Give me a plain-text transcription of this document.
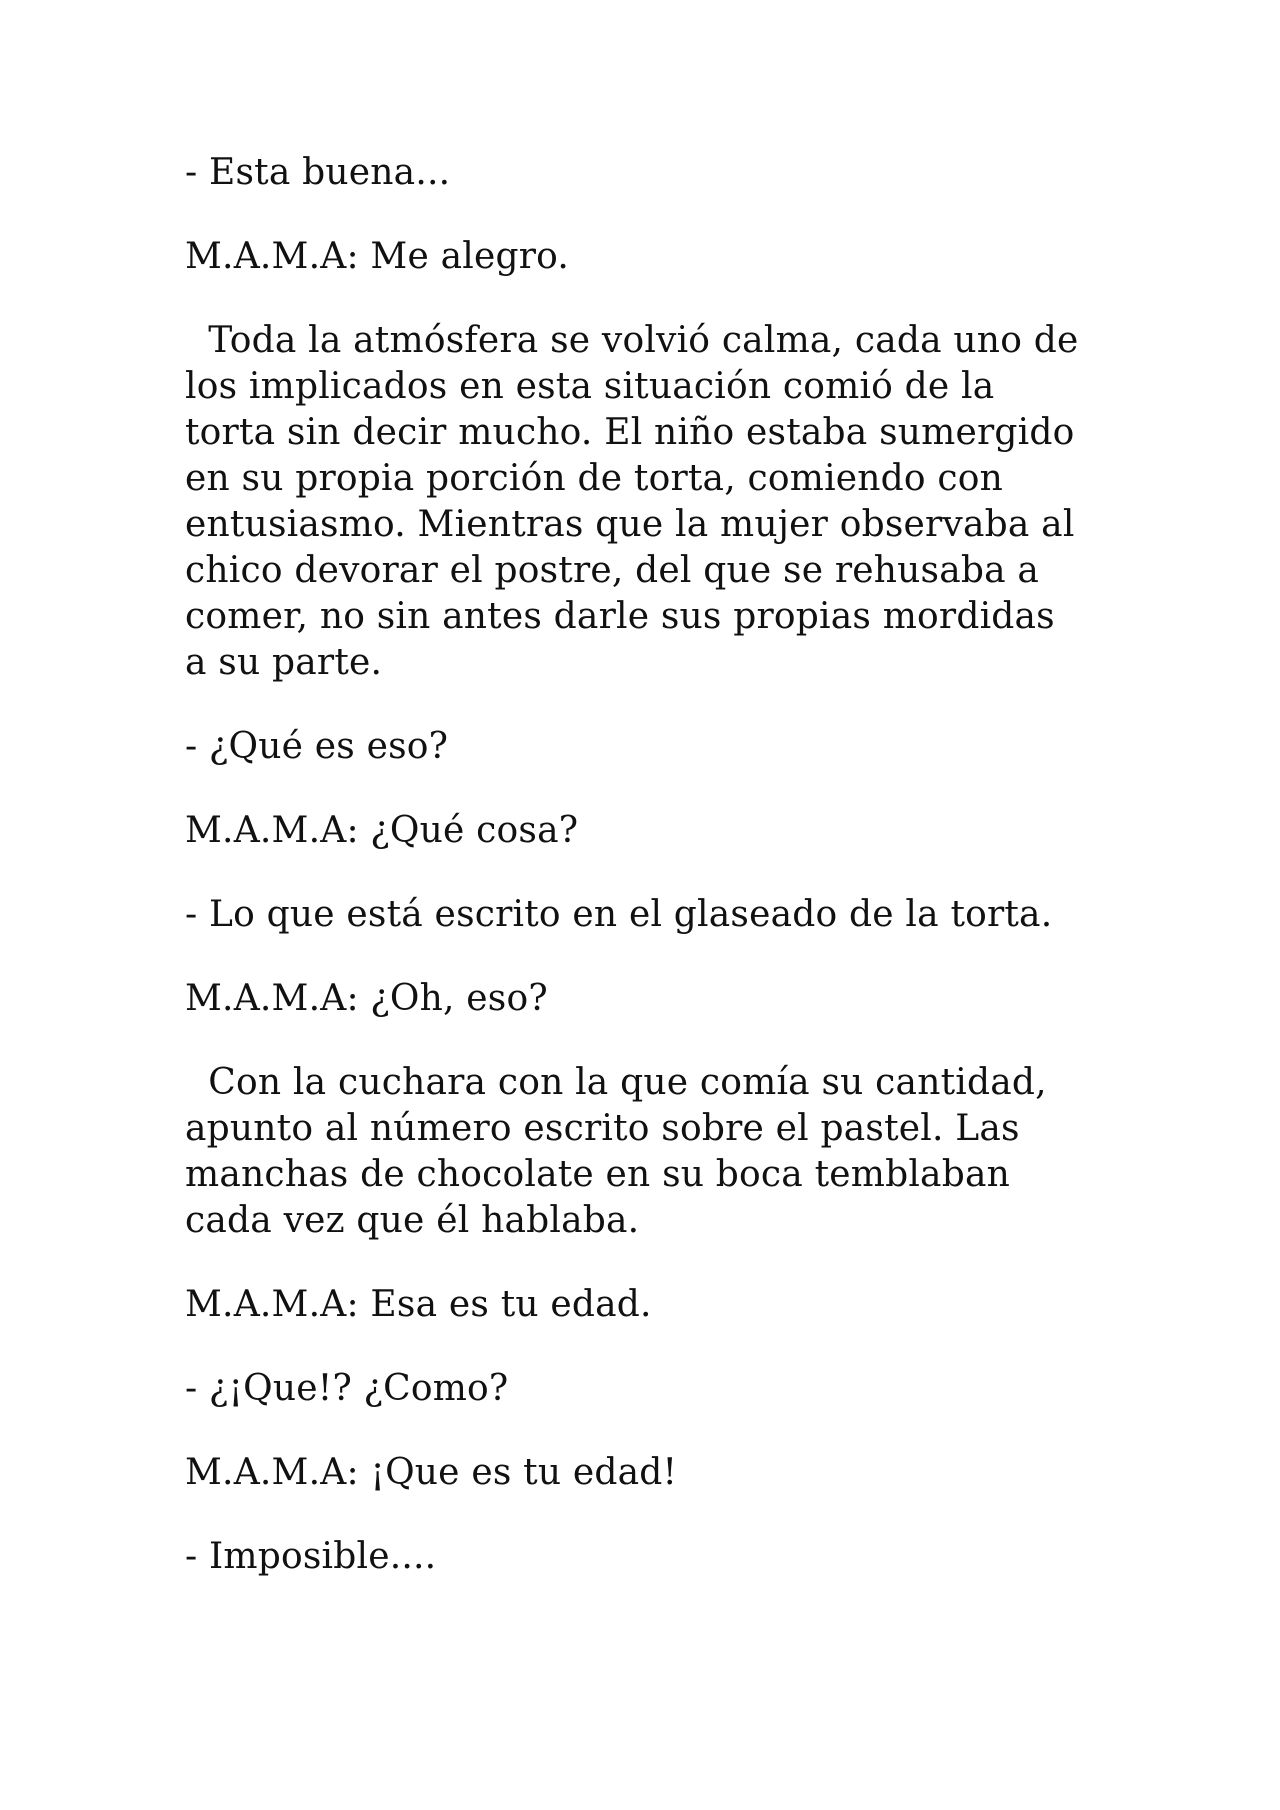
- Esta buena...

M.A.M.A: Me alegro.

Toda la atmósfera se volvió calma, cada uno de
los implicados en esta situación comió de la
torta sin decir mucho. El niño estaba sumergido
en su propia porción de torta, comiendo con
entusiasmo. Mientras que la mujer observaba al
chico devorar el postre, del que se rehusaba a
comer, no sin antes darle sus propias mordidas
a su parte.

- ¿Qué es eso?

M.A.M.A: ¿Qué cosa?

- Lo que está escrito en el glaseado de la torta.

M.A.M.A: ¿Oh, eso?

Con la cuchara con la que comía su cantidad,
apunto al número escrito sobre el pastel. Las
manchas de chocolate en su boca temblaban
cada vez que él hablaba.

M.A.M.A: Esa es tu edad.

- ¿¡Que!? ¿Como?

M.A.M.A: ¡Que es tu edad!

- Imposible....
